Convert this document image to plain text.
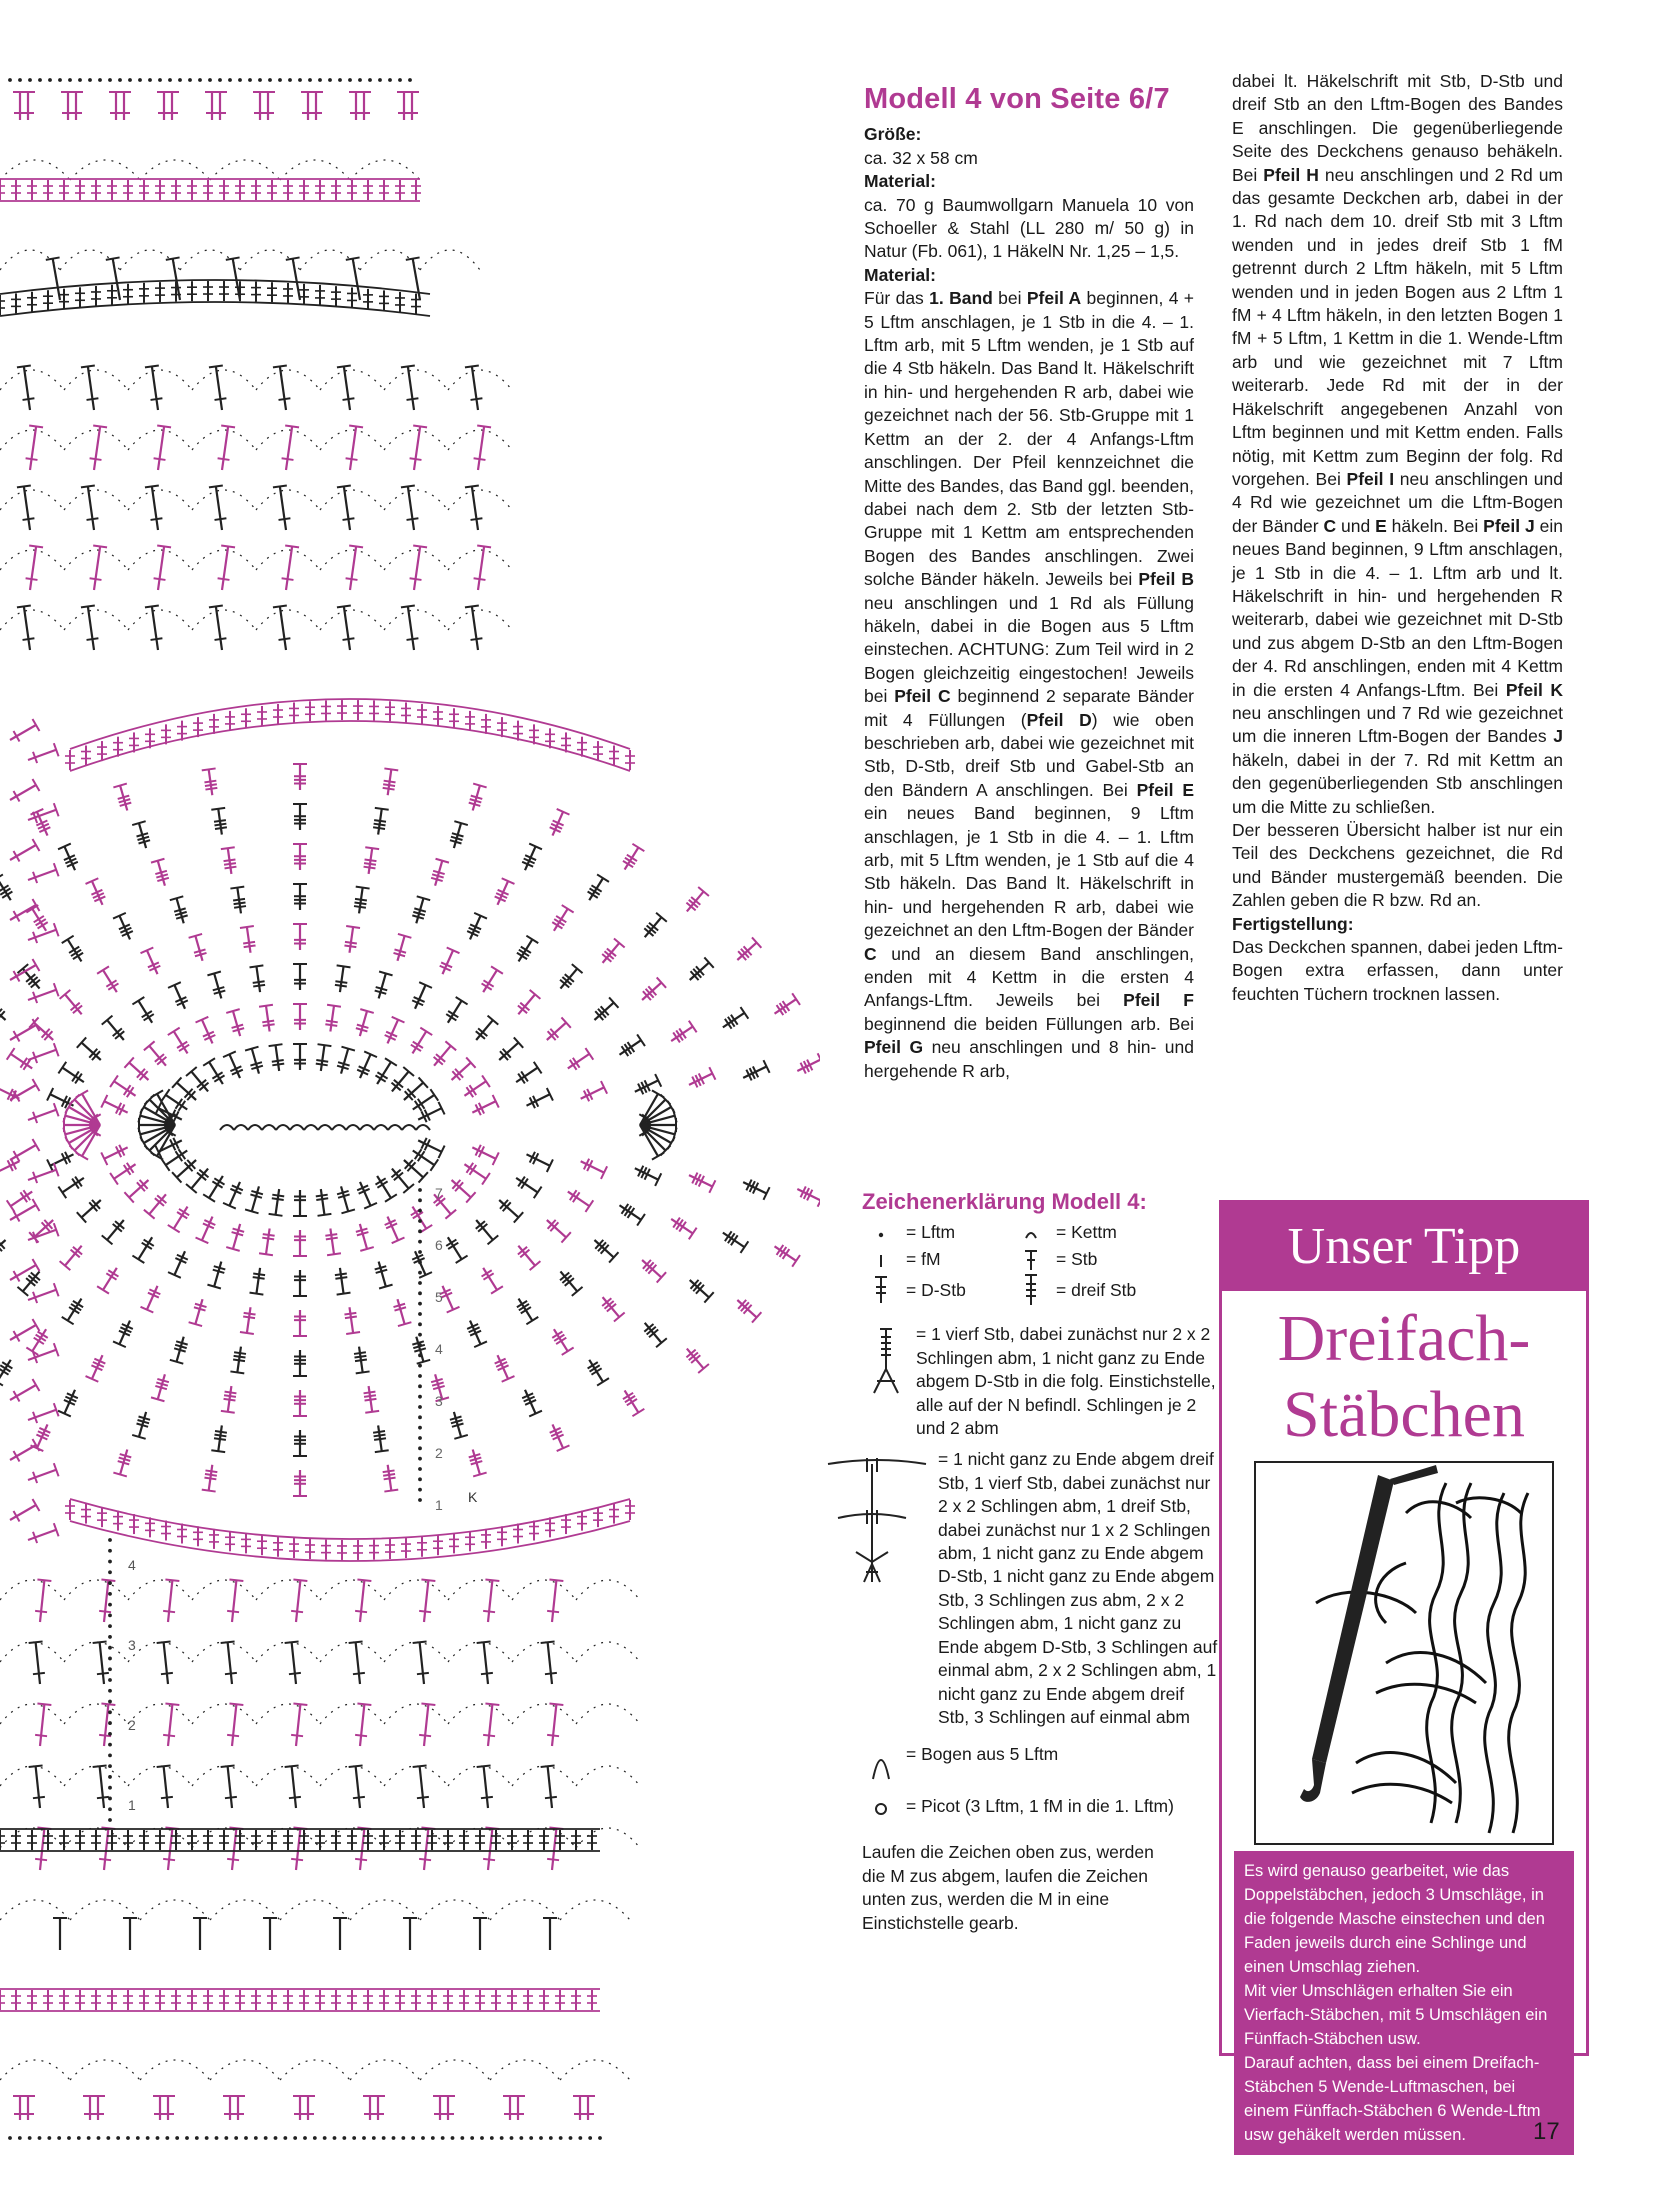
7
6
5
4
3
2
1 K
4
3
2
1
Modell 4 von Seite 6/7

Größe:

ca. 32 x 58 cm

Material:

ca. 70 g Baumwollgarn Manuela 10 von Schoeller & Stahl (LL 280 m/ 50 g) in Natur (Fb. 061), 1 HäkelN Nr. 1,25 – 1,5.

Material:

Für das 1. Band bei Pfeil A beginnen, 4 + 5 Lftm anschlagen, je 1 Stb in die 4. – 1. Lftm arb, mit 5 Lftm wenden, je 1 Stb auf die 4 Stb häkeln. Das Band lt. Häkelschrift in hin- und hergehenden R arb, dabei wie gezeichnet nach der 56. Stb-Gruppe mit 1 Kettm an der 2. der 4 Anfangs-Lftm anschlingen. Der Pfeil kennzeichnet die Mitte des Bandes, das Band ggl. beenden, dabei nach dem 2. Stb der letzten Stb-Gruppe mit 1 Kettm am entsprechenden Bogen des Bandes anschlingen. Zwei solche Bänder häkeln. Jeweils bei Pfeil B neu anschlingen und 1 Rd als Füllung häkeln, dabei in die Bogen aus 5 Lftm einstechen. ACHTUNG: Zum Teil wird in 2 Bogen gleichzeitig eingestochen! Jeweils bei Pfeil C beginnend 2 separate Bänder mit 4 Füllungen (Pfeil D) wie oben beschrieben arb, dabei wie gezeichnet mit Stb, D-Stb, dreif Stb und Gabel-Stb an den Bändern A anschlingen. Bei Pfeil E ein neues Band beginnen, 9 Lftm anschlagen, je 1 Stb in die 4. – 1. Lftm arb, mit 5 Lftm wenden, je 1 Stb auf die 4 Stb häkeln. Das Band lt. Häkelschrift in hin- und hergehenden R arb, dabei wie gezeichnet an den Lftm-Bogen der Bänder C und an diesem Band anschlingen, enden mit 4 Kettm in die ersten 4 Anfangs-Lftm. Jeweils bei Pfeil F beginnend die beiden Füllungen arb. Bei Pfeil G neu anschlingen und 8 hin- und hergehende R arb,

dabei lt. Häkelschrift mit Stb, D-Stb und dreif Stb an den Lftm-Bogen des Bandes E anschlingen. Die gegenüberliegende Seite des Deckchens genauso behäkeln. Bei Pfeil H neu anschlingen und 2 Rd um das gesamte Deckchen arb, dabei in der 1. Rd nach dem 10. dreif Stb mit 3 Lftm wenden und in jedes dreif Stb 1 fM getrennt durch 2 Lftm häkeln, mit 5 Lftm wenden und in jeden Bogen aus 2 Lftm 1 fM + 4 Lftm häkeln, in den letzten Bogen 1 fM + 5 Lftm, 1 Kettm in die 1. Wende-Lftm arb und wie gezeichnet mit 7 Lftm weiterarb. Jede Rd mit der in der Häkelschrift angegebenen Anzahl von Lftm beginnen und mit Kettm enden. Falls nötig, mit Kettm zum Beginn der folg. Rd vorgehen. Bei Pfeil I neu anschlingen und 4 Rd wie gezeichnet um die Lftm-Bogen der Bänder C und E häkeln. Bei Pfeil J ein neues Band beginnen, 9 Lftm anschlagen, je 1 Stb in die 4. – 1. Lftm arb und lt. Häkelschrift in hin- und hergehenden R weiterarb, dabei wie gezeichnet mit D-Stb und zus abgem D-Stb an den Lftm-Bogen der 4. Rd anschlingen, enden mit 4 Kettm in die ersten 4 Anfangs-Lftm. Bei Pfeil K neu anschlingen und 7 Rd wie gezeichnet um die inneren Lftm-Bogen der Bandes J häkeln, dabei in der 7. Rd mit Kettm an den gegenüberliegenden Stb anschlingen um die Mitte zu schließen.

Der besseren Übersicht halber ist nur ein Teil des Deckchens gezeichnet, die Rd und Bänder mustergemäß beenden. Die Zahlen geben die R bzw. Rd an.

Fertigstellung:

Das Deckchen spannen, dabei jeden Lftm-Bogen extra erfassen, dann unter feuchten Tüchern trocknen lassen.

Zeichenerklärung Modell 4:
= Lftm	= Kettm
= fM	= Stb
= D-Stb	= dreif Stb
= 1 vierf Stb, dabei zunächst nur 2 x 2 Schlingen abm, 1 nicht ganz zu Ende abgem D-Stb in die folg. Einstichstelle, alle auf der N befindl. Schlingen je 2 und 2 abm
= 1 nicht ganz zu Ende abgem dreif Stb, 1 vierf Stb, dabei zunächst nur 2 x 2 Schlingen abm, 1 dreif Stb, dabei zunächst nur 1 x 2 Schlingen abm, 1 nicht ganz zu Ende abgem D-Stb, 1 nicht ganz zu Ende abgem Stb, 3 Schlingen zus abm, 2 x 2 Schlingen abm, 1 nicht ganz zu Ende abgem D-Stb, 3 Schlingen auf einmal abm, 2 x 2 Schlingen abm, 1 nicht ganz zu Ende abgem dreif Stb, 3 Schlingen auf einmal abm
= Bogen aus 5 Lftm
= Picot (3 Lftm, 1 fM in die 1. Lftm)
Laufen die Zeichen oben zus, werden die M zus abgem, laufen die Zeichen unten zus, werden die M in eine Einstichstelle gearb.
Unser Tipp
Dreifach-
Stäbchen

Es wird genauso gearbeitet, wie das Doppelstäbchen, jedoch 3 Umschläge, in die folgende Masche einstechen und den Faden jeweils durch eine Schlinge und einen Umschlag ziehen.

Mit vier Umschlägen erhalten Sie ein Vierfach-Stäbchen, mit 5 Umschlägen ein Fünffach-Stäbchen usw.

Darauf achten, dass bei einem Dreifach-Stäbchen 5 Wende-Luftmaschen, bei einem Fünffach-Stäbchen 6 Wende-Lftm usw gehäkelt werden müssen.	17
